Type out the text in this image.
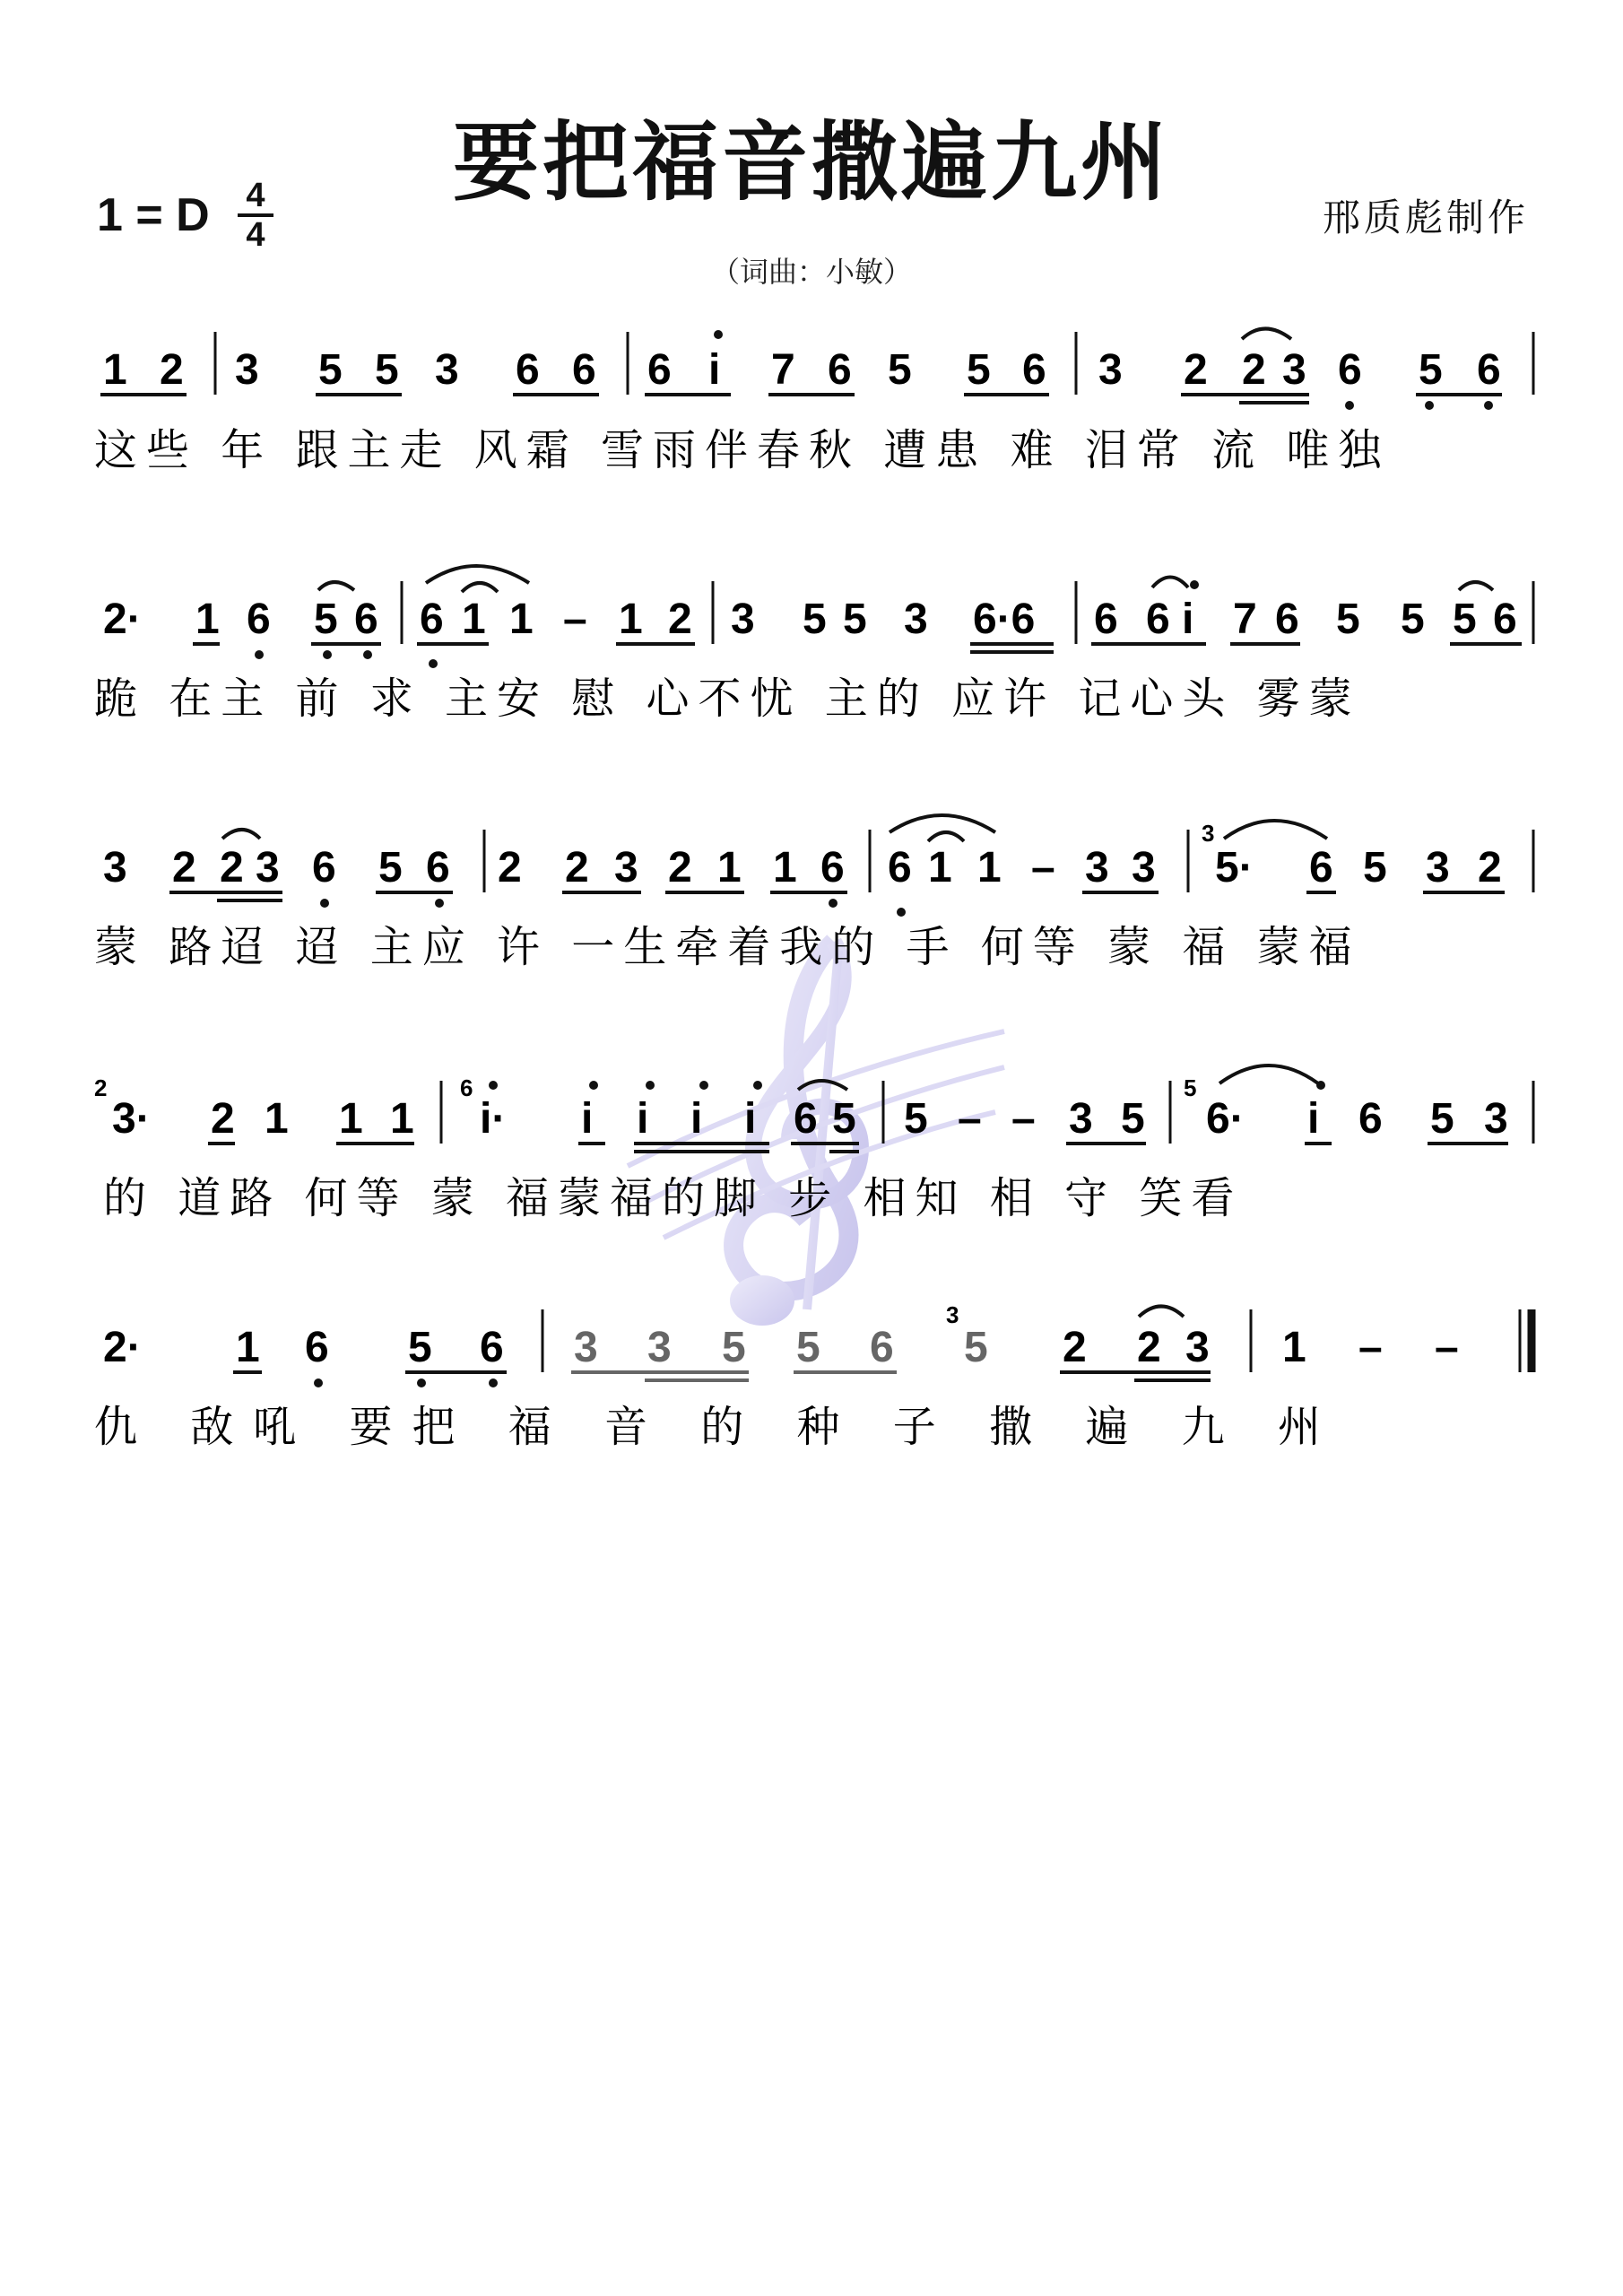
要把福音撒遍九州
1 = D 4
4	邢质彪制作
（词曲：小敏）
1 2 3 5 5 3 6 6 6 i 7 6 5 5 6 3 2 2 3 6 5 6
2· 1 6 5 6 6 1 1 – 1 2 3 5 5 3 6·6 6 6 i 7 6 5 5 5 6
3 2 2 3 6 5 6 2 2 3 2 1 1 6 6 1 1 – 3 3 5· 6 5 3 2
3
3· 2 1 1 1 i· i i i i 6 5 5 – – 3 5 6· i 6 5 3
2	6	5
2· 1 6 5 6 3 3 5 5 6 5 2 2 3 1 – –
3
这些 年 跟主走 风霜 雪雨伴春秋 遭患 难 泪常 流 唯独
跪 在主 前 求 主安 慰 心不忧 主的 应许 记心头 雾蒙
蒙 路迢 迢 主应 许 一生牵着我的 手 何等 蒙 福 蒙福
的 道路 何等 蒙 福蒙福的脚 步 相知 相 守 笑看
仇 敌吼 要把 福 音 的 种 子 撒 遍 九 州
